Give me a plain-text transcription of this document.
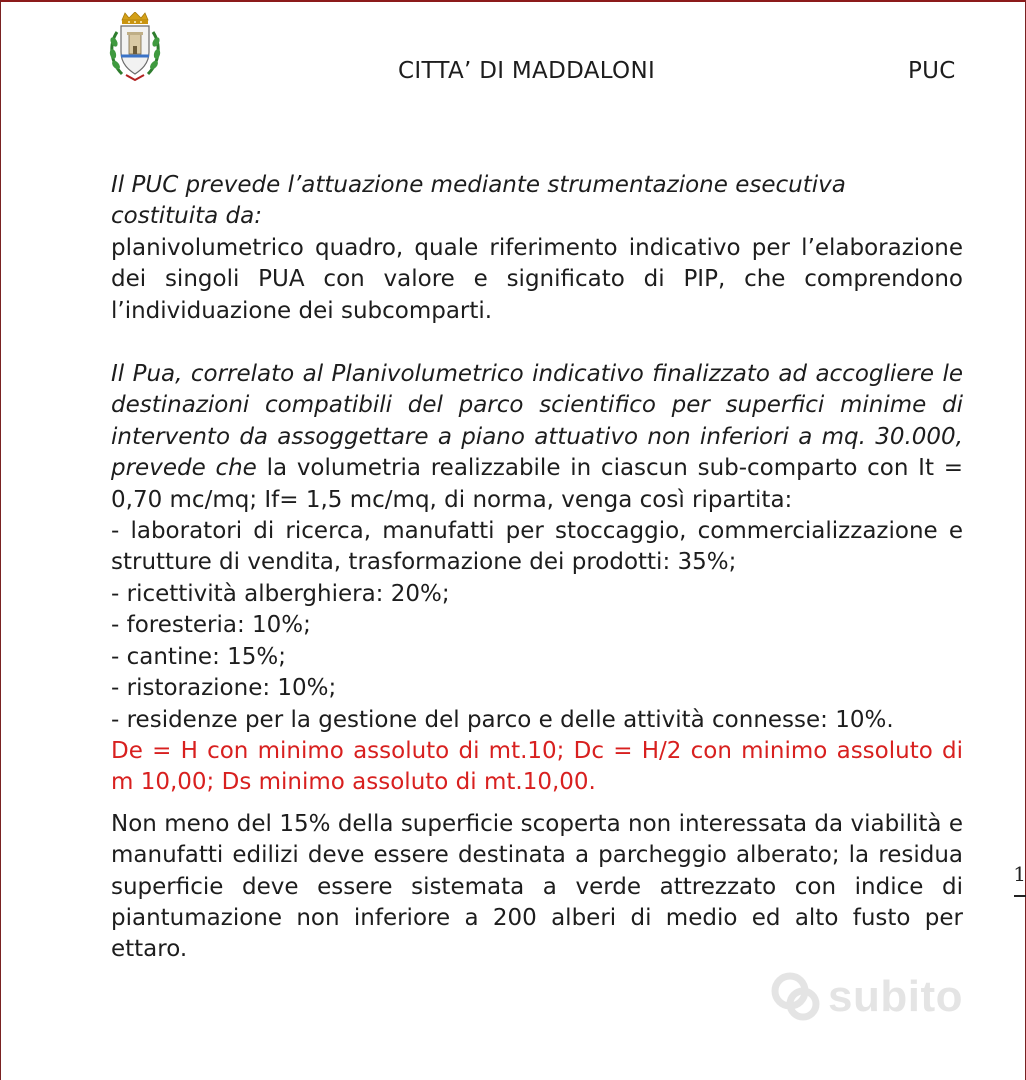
CITTA’ DI MADDALONI	PUC

Il PUC prevede l’attuazione mediante strumentazione esecutiva

costituita da:

planivolumetrico quadro, quale riferimento indicativo per l’elaborazione dei singoli PUA con valore e significato di PIP, che comprendono l’individuazione dei subcomparti.

Il Pua, correlato al Planivolumetrico indicativo finalizzato ad accogliere le destinazioni compatibili del parco scientifico per superfici minime di intervento da assoggettare a piano attuativo non inferiori a mq. 30.000, prevede che la volumetria realizzabile in ciascun sub-comparto con It = 0,70 mc/mq; If= 1,5 mc/mq, di norma, venga così ripartita:

- laboratori di ricerca, manufatti per stoccaggio, commercializzazione e strutture di vendita, trasformazione dei prodotti: 35%;

- ricettività alberghiera: 20%;

- foresteria: 10%;

- cantine: 15%;

- ristorazione: 10%;

- residenze per la gestione del parco e delle attività connesse: 10%.

De = H con minimo assoluto di mt.10; Dc = H/2 con minimo assoluto di m 10,00; Ds minimo assoluto di mt.10,00.

Non meno del 15% della superficie scoperta non interessata da viabilità e manufatti edilizi deve essere destinata a parcheggio alberato; la residua superficie deve essere sistemata a verde attrezzato con indice di piantumazione non inferiore a 200 alberi di medio ed alto fusto per ettaro.

1
subito
